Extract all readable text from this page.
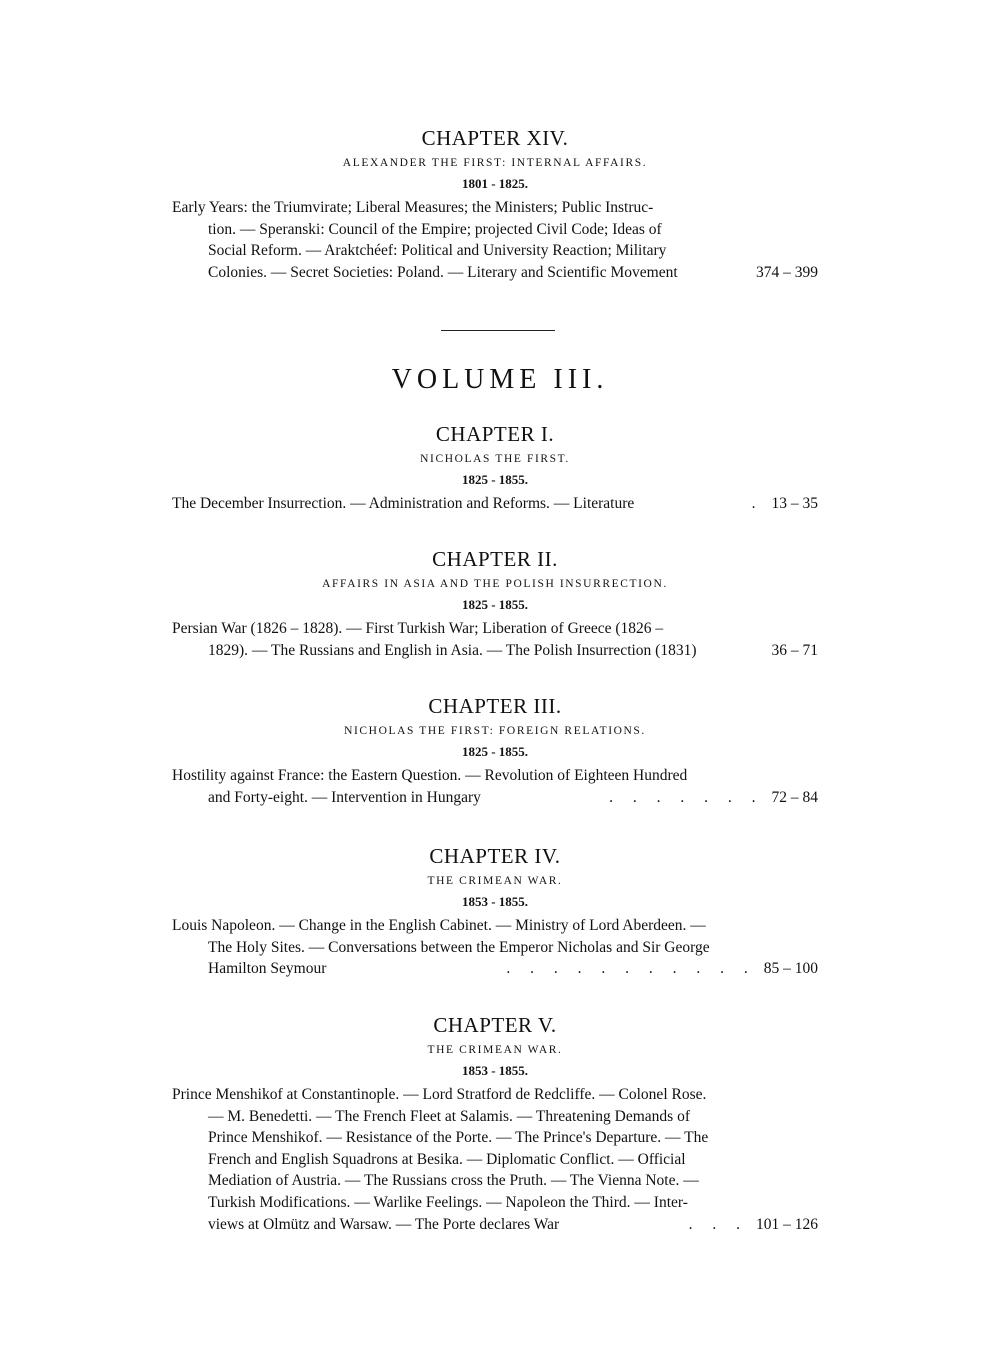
CHAPTER XIV.
ALEXANDER THE FIRST: INTERNAL AFFAIRS.
1801 - 1825.
Early Years: the Triumvirate; Liberal Measures; the Ministers; Public Instruc-
tion. — Speranski: Council of the Empire; projected Civil Code; Ideas of
Social Reform. — Araktchéef: Political and University Reaction; Military
Colonies. — Secret Societies: Poland. — Literary and Scientific Movement	374 – 399
VOLUME III.
CHAPTER I.
NICHOLAS THE FIRST.
1825 - 1855.
The December Insurrection. — Administration and Reforms. — Literature	. 13 – 35
CHAPTER II.
AFFAIRS IN ASIA AND THE POLISH INSURRECTION.
1825 - 1855.
Persian War (1826 – 1828). — First Turkish War; Liberation of Greece (1826 –
1829). — The Russians and English in Asia. — The Polish Insurrection (1831)	36 – 71
CHAPTER III.
NICHOLAS THE FIRST: FOREIGN RELATIONS.
1825 - 1855.
Hostility against France: the Eastern Question. — Revolution of Eighteen Hundred
and Forty-eight. — Intervention in Hungary	. . . . . . . 72 – 84
CHAPTER IV.
THE CRIMEAN WAR.
1853 - 1855.
Louis Napoleon. — Change in the English Cabinet. — Ministry of Lord Aberdeen. —
The Holy Sites. — Conversations between the Emperor Nicholas and Sir George
Hamilton Seymour	. . . . . . . . . . . 85 – 100
CHAPTER V.
THE CRIMEAN WAR.
1853 - 1855.
Prince Menshikof at Constantinople. — Lord Stratford de Redcliffe. — Colonel Rose.
— M. Benedetti. — The French Fleet at Salamis. — Threatening Demands of
Prince Menshikof. — Resistance of the Porte. — The Prince's Departure. — The
French and English Squadrons at Besika. — Diplomatic Conflict. — Official
Mediation of Austria. — The Russians cross the Pruth. — The Vienna Note. —
Turkish Modifications. — Warlike Feelings. — Napoleon the Third. — Inter-
views at Olmütz and Warsaw. — The Porte declares War	. . . 101 – 126
